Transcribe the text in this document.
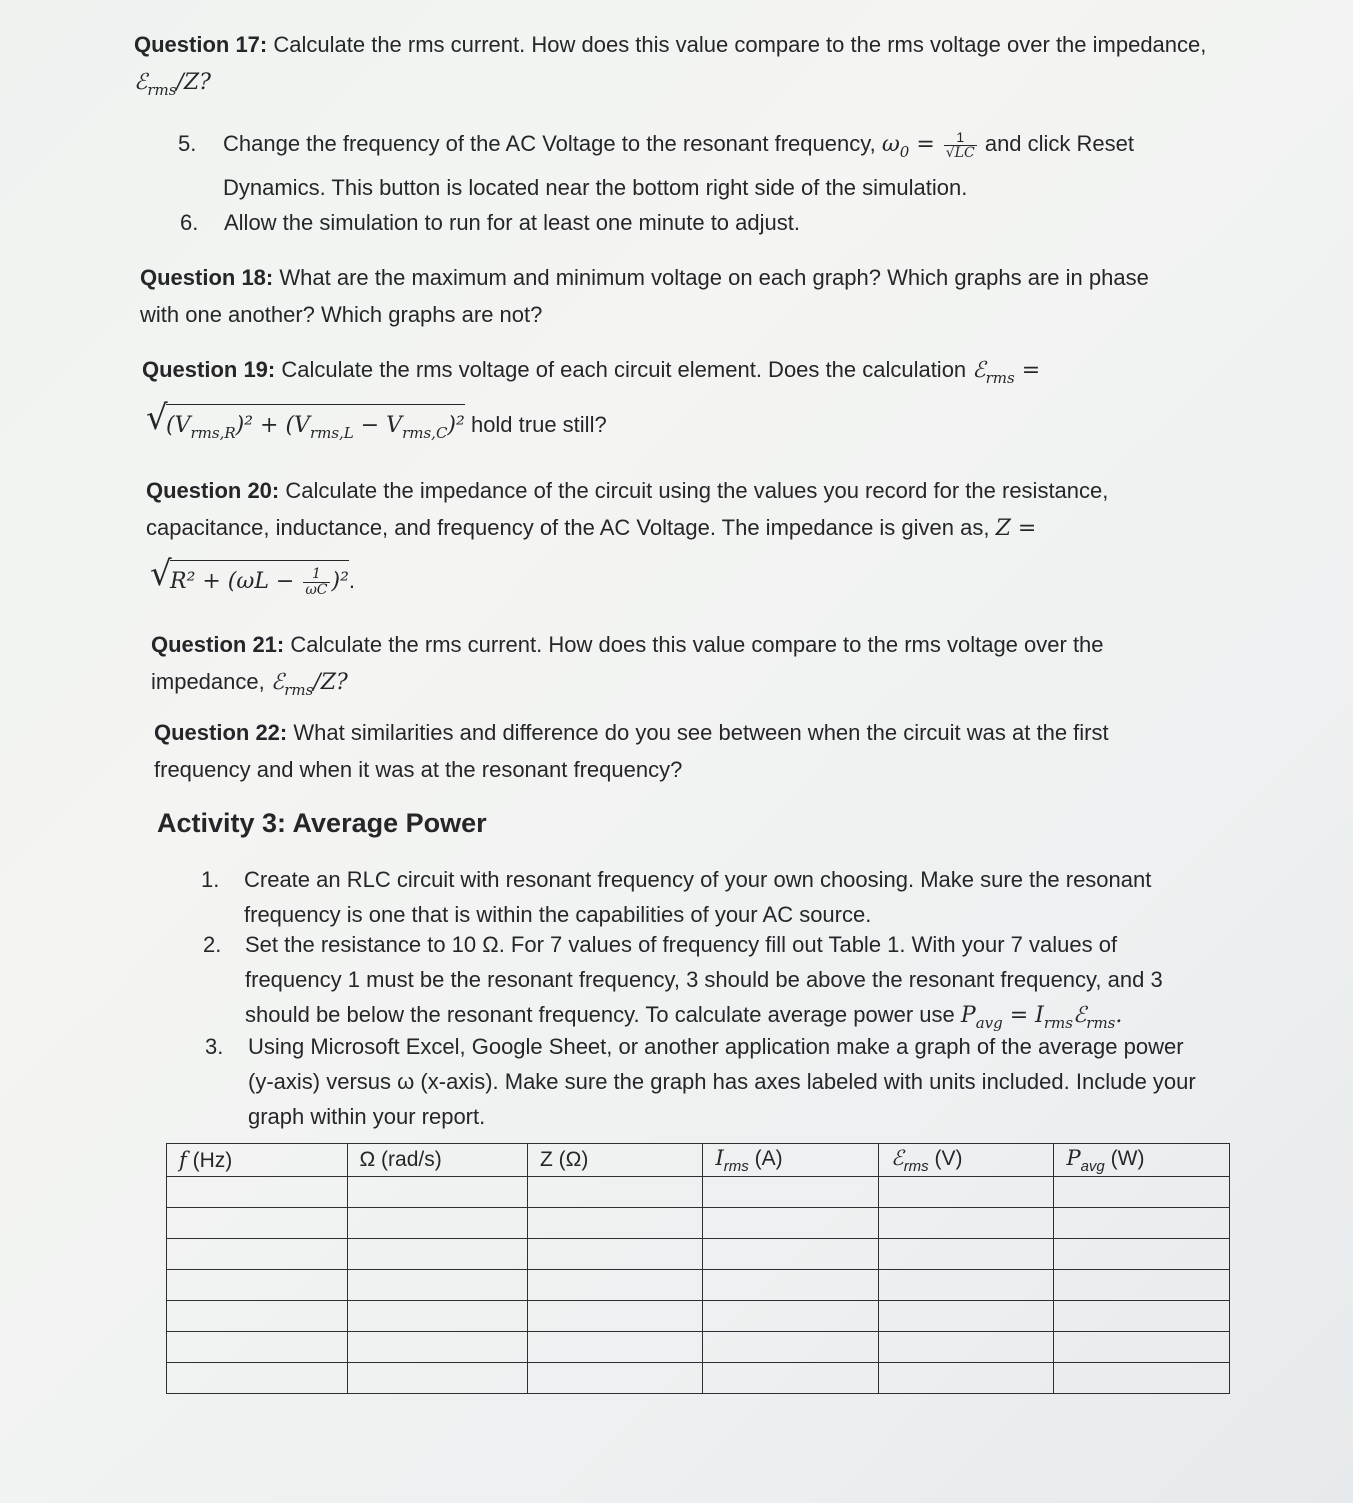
Question 17: Calculate the rms current. How does this value compare to the rms voltage over the impedance, ℰ$_{rms}$/Z?
5. Change the frequency of the AC Voltage to the resonant frequency, $\omega_0 = \frac{1}{√LC}$ and click Reset
Dynamics. This button is located near the bottom right side of the simulation.
6. Allow the simulation to run for at least one minute to adjust.
Question 18: What are the maximum and minimum voltage on each graph? Which graphs are in phase
with one another? Which graphs are not?
Question 19: Calculate the rms voltage of each circuit element. Does the calculation ℰ$_{rms}$ =
√
$(V_{rms,R})^2 + (V_{rms,L} - V_{rms,C})^2$ hold true still?
Question 20: Calculate the impedance of the circuit using the values you record for the resistance,
capacitance, inductance, and frequency of the AC Voltage. The impedance is given as, Z =
√
$R^2 + (\omega L - \frac{1}{\omega C} )^2$.
Question 21: Calculate the rms current. How does this value compare to the rms voltage over the
impedance, ℰ$_{rms}$/Z?
Question 22: What similarities and difference do you see between when the circuit was at the first
frequency and when it was at the resonant frequency?
Activity 3: Average Power
1. Create an RLC circuit with resonant frequency of your own choosing. Make sure the resonant
frequency is one that is within the capabilities of your AC source.
2. Set the resistance to 10 Ω. For 7 values of frequency fill out Table 1. With your 7 values of
frequency 1 must be the resonant frequency, 3 should be above the resonant frequency, and 3
should be below the resonant frequency. To calculate average power use $P_{avg}$ = $I_{rms}ℰ_{rms}$.
3. Using Microsoft Excel, Google Sheet, or another application make a graph of the average power
(y-axis) versus ω (x-axis). Make sure the graph has axes labeled with units included. Include your
graph within your report.
f (Hz)	Ω (rad/s)	Z (Ω)	$I_{rms}$ (A)	ℰ$_{rms}$ (V)	$P_{avg}$ (W)
